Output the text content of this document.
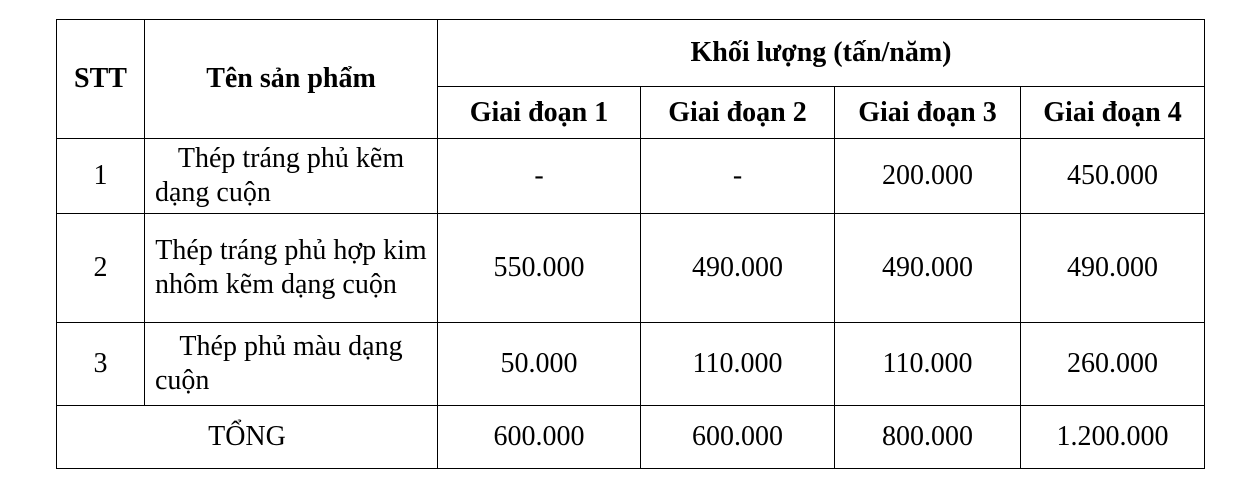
STT	Tên sản phẩm	Khối lượng (tấn/năm)			
		Giai đoạn 1	Giai đoạn 2	Giai đoạn 3	Giai đoạn 4
1	Thép tráng phủ kẽm dạng cuộn	-	-	200.000	450.000
2	Thép tráng phủ hợp kim nhôm kẽm dạng cuộn	550.000	490.000	490.000	490.000
3	Thép phủ màu dạng cuộn	50.000	110.000	110.000	260.000
TỔNG		600.000	600.000	800.000	1.200.000
